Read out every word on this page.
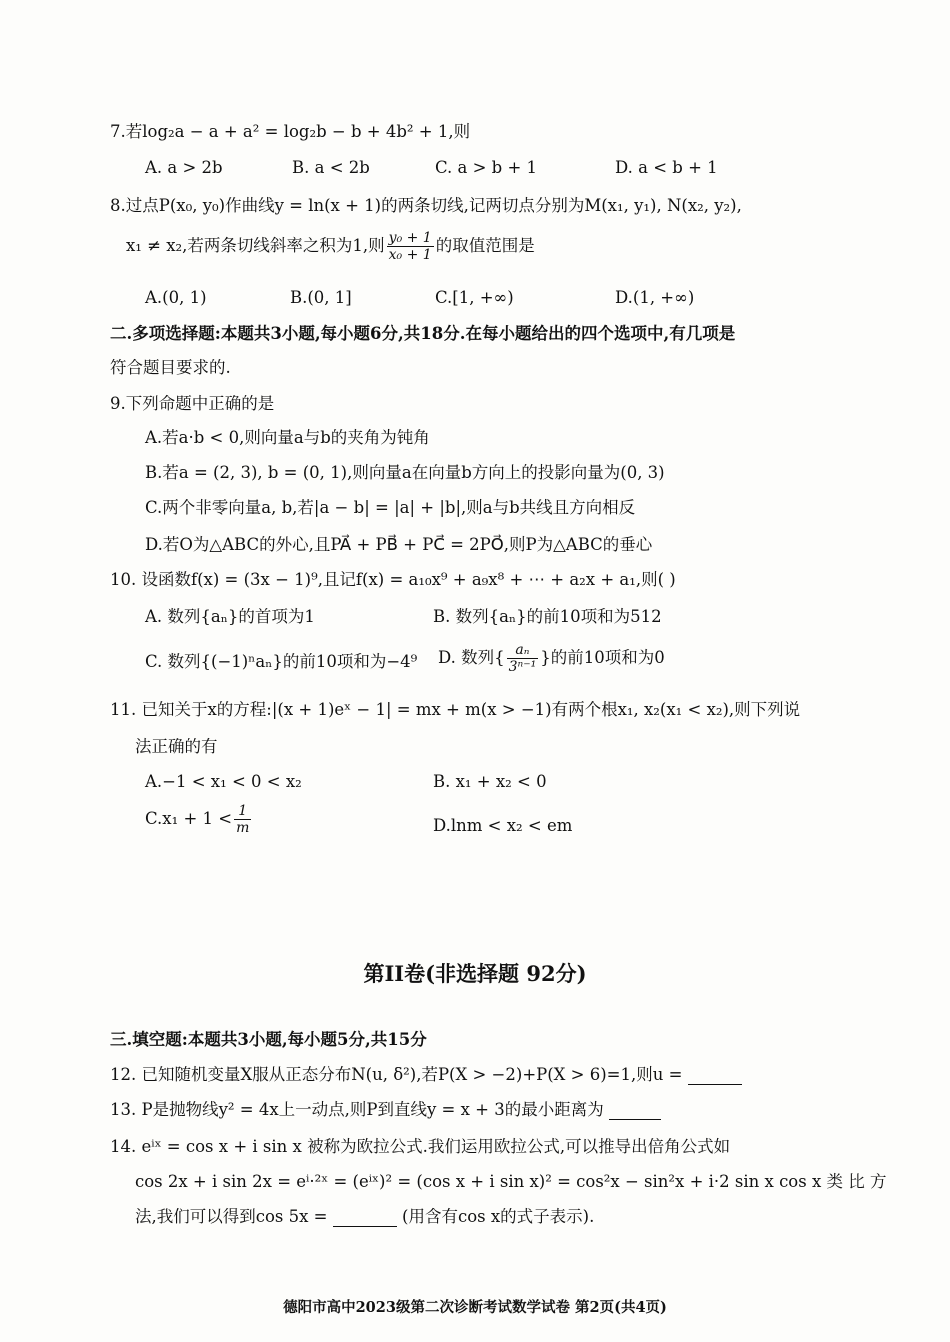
7.若log₂a − a + a² = log₂b − b + 4b² + 1,则
A. a > 2b	B. a < 2b	C. a > b + 1	D. a < b + 1
8.过点P(x₀, y₀)作曲线y = ln(x + 1)的两条切线,记两切点分别为M(x₁, y₁), N(x₂, y₂),
x₁ ≠ x₂,若两条切线斜率之积为1,则 $\frac{\text{y₀ + 1}}{\text{x₀ + 1}}$ 的取值范围是
A.(0, 1)	B.(0, 1]	C.[1, +∞)	D.(1, +∞)
二.多项选择题:本题共3小题,每小题6分,共18分.在每小题给出的四个选项中,有几项是
符合题目要求的.
9.下列命题中正确的是
A.若a·b < 0,则向量a与b的夹角为钝角
B.若a = (2, 3), b = (0, 1),则向量a在向量b方向上的投影向量为(0, 3)
C.两个非零向量a, b,若|a − b| = |a| + |b|,则a与b共线且方向相反
D.若O为△ABC的外心,且PA⃗ + PB⃗ + PC⃗ = 2PO⃗,则P为△ABC的垂心
10. 设函数f(x) = (3x − 1)⁹,且记f(x) = a₁₀x⁹ + a₉x⁸ + ⋯ + a₂x + a₁,则( )
A. 数列{aₙ}的首项为1	B. 数列{aₙ}的前10项和为512
C. 数列{(−1)ⁿaₙ}的前10项和为−4⁹ D. 数列{ $\frac{\text{aₙ}}{\text{3ⁿ⁻¹}}$ }的前10项和为0
11. 已知关于x的方程:|(x + 1)eˣ − 1| = mx + m(x > −1)有两个根x₁, x₂(x₁ < x₂),则下列说
法正确的有
A.−1 < x₁ < 0 < x₂	B. x₁ + x₂ < 0
$C.x_1 + 1 < \frac{1}{m}$	D.lnm < x₂ < em
第II卷(非选择题 92分)
三.填空题:本题共3小题,每小题5分,共15分
12. 已知随机变量X服从正态分布N(u, δ²),若P(X > −2)+P(X > 6)=1,则u =
13. P是抛物线y² = 4x上一动点,则P到直线y = x + 3的最小距离为
14. eⁱˣ = cos x + i sin x 被称为欧拉公式.我们运用欧拉公式,可以推导出倍角公式如
cos 2x + i sin 2x = eⁱ·²ˣ = (eⁱˣ)² = (cos x + i sin x)² = cos²x − sin²x + i·2 sin x cos x 类 比 方
法,我们可以得到cos 5x =	(用含有cos x的式子表示).
德阳市高中2023级第二次诊断考试数学试卷 第2页(共4页)
